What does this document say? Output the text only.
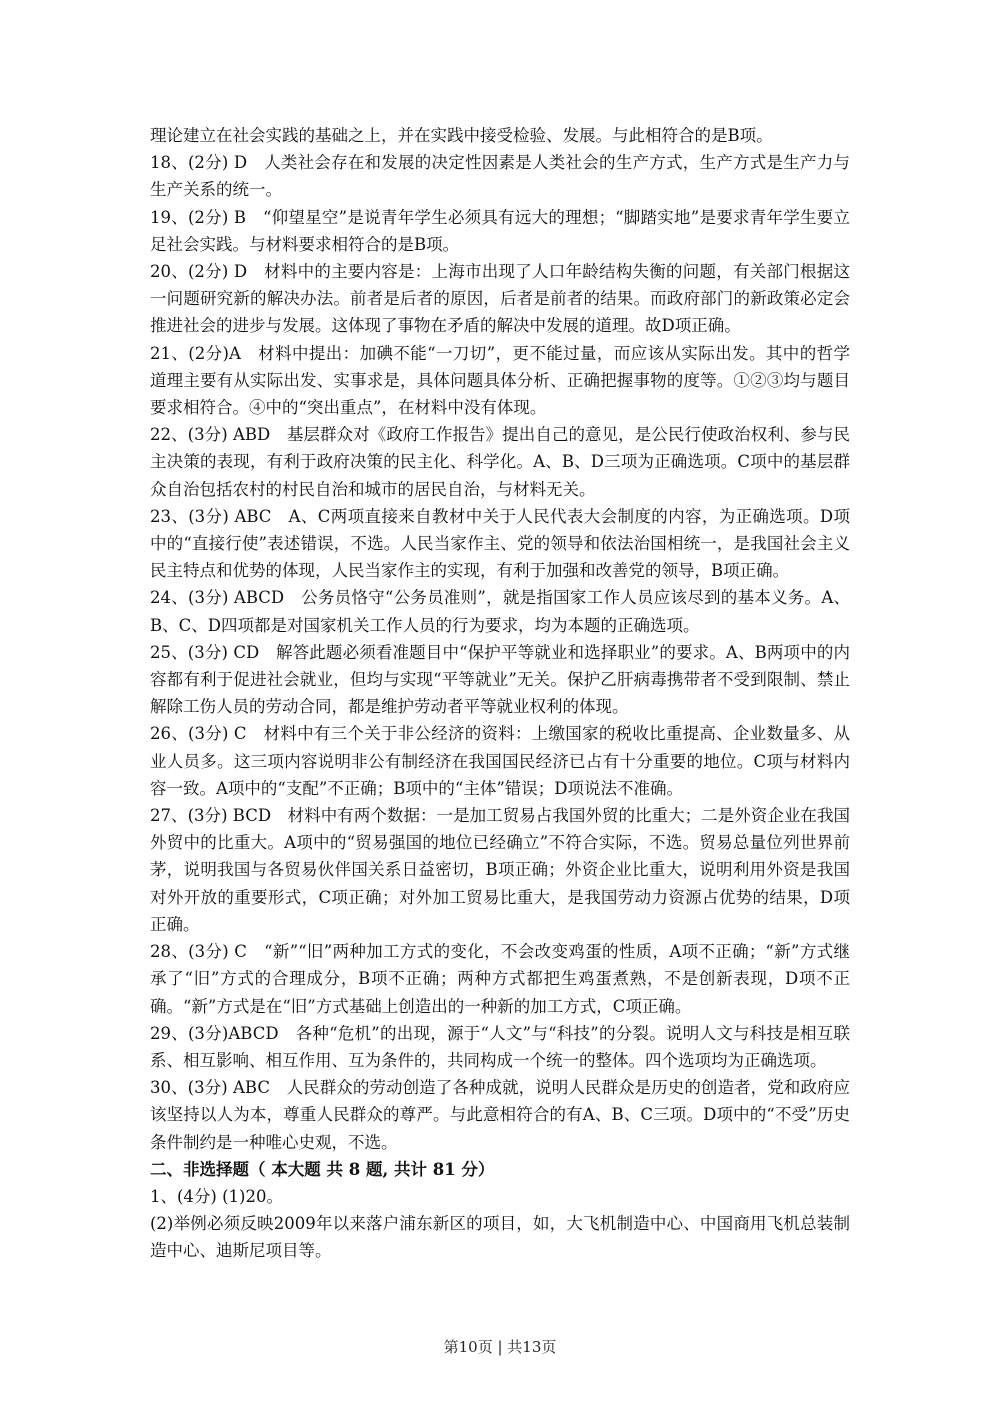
理论建立在社会实践的基础之上，并在实践中接受检验、发展。与此相符合的是B项。

18、(2分) D　人类社会存在和发展的决定性因素是人类社会的生产方式，生产方式是生产力与生产关系的统一。

19、(2分) B　“仰望星空”是说青年学生必须具有远大的理想；“脚踏实地”是要求青年学生要立足社会实践。与材料要求相符合的是B项。

20、(2分) D　材料中的主要内容是：上海市出现了人口年龄结构失衡的问题，有关部门根据这一问题研究新的解决办法。前者是后者的原因，后者是前者的结果。而政府部门的新政策必定会推进社会的进步与发展。这体现了事物在矛盾的解决中发展的道理。故D项正确。

21、(2分)A　材料中提出：加碘不能“一刀切”，更不能过量，而应该从实际出发。其中的哲学道理主要有从实际出发、实事求是，具体问题具体分析、正确把握事物的度等。①②③均与题目要求相符合。④中的“突出重点”，在材料中没有体现。

22、(3分) ABD　基层群众对《政府工作报告》提出自己的意见，是公民行使政治权利、参与民主决策的表现，有利于政府决策的民主化、科学化。A、B、D三项为正确选项。C项中的基层群众自治包括农村的村民自治和城市的居民自治，与材料无关。

23、(3分) ABC　A、C两项直接来自教材中关于人民代表大会制度的内容，为正确选项。D项中的“直接行使”表述错误，不选。人民当家作主、党的领导和依法治国相统一，是我国社会主义民主特点和优势的体现，人民当家作主的实现，有利于加强和改善党的领导，B项正确。

24、(3分) ABCD　公务员恪守“公务员准则”，就是指国家工作人员应该尽到的基本义务。A、B、C、D四项都是对国家机关工作人员的行为要求，均为本题的正确选项。

25、(3分) CD　解答此题必须看准题目中“保护平等就业和选择职业”的要求。A、B两项中的内容都有利于促进社会就业，但均与实现“平等就业”无关。保护乙肝病毒携带者不受到限制、禁止解除工伤人员的劳动合同，都是维护劳动者平等就业权利的体现。

26、(3分) C　材料中有三个关于非公经济的资料：上缴国家的税收比重提高、企业数量多、从业人员多。这三项内容说明非公有制经济在我国国民经济已占有十分重要的地位。C项与材料内容一致。A项中的“支配”不正确；B项中的“主体”错误；D项说法不准确。

27、(3分) BCD　材料中有两个数据：一是加工贸易占我国外贸的比重大；二是外资企业在我国外贸中的比重大。A项中的“贸易强国的地位已经确立”不符合实际，不选。贸易总量位列世界前茅，说明我国与各贸易伙伴国关系日益密切，B项正确；外资企业比重大，说明利用外资是我国对外开放的重要形式，C项正确；对外加工贸易比重大，是我国劳动力资源占优势的结果，D项正确。

28、(3分) C　“新”“旧”两种加工方式的变化，不会改变鸡蛋的性质，A项不正确；“新”方式继承了“旧”方式的合理成分，B项不正确；两种方式都把生鸡蛋煮熟，不是创新表现，D项不正确。“新”方式是在“旧”方式基础上创造出的一种新的加工方式，C项正确。

29、(3分)ABCD　各种“危机”的出现，源于“人文”与“科技”的分裂。说明人文与科技是相互联系、相互影响、相互作用、互为条件的，共同构成一个统一的整体。四个选项均为正确选项。

30、(3分) ABC　人民群众的劳动创造了各种成就，说明人民群众是历史的创造者，党和政府应该坚持以人为本，尊重人民群众的尊严。与此意相符合的有A、B、C三项。D项中的“不受”历史条件制约是一种唯心史观，不选。

二、非选择题（ 本大题 共 8 题, 共计 81 分）

1、(4分) (1)20。

(2)举例必须反映2009年以来落户浦东新区的项目，如，大飞机制造中心、中国商用飞机总装制造中心、迪斯尼项目等。

第10页 | 共13页
